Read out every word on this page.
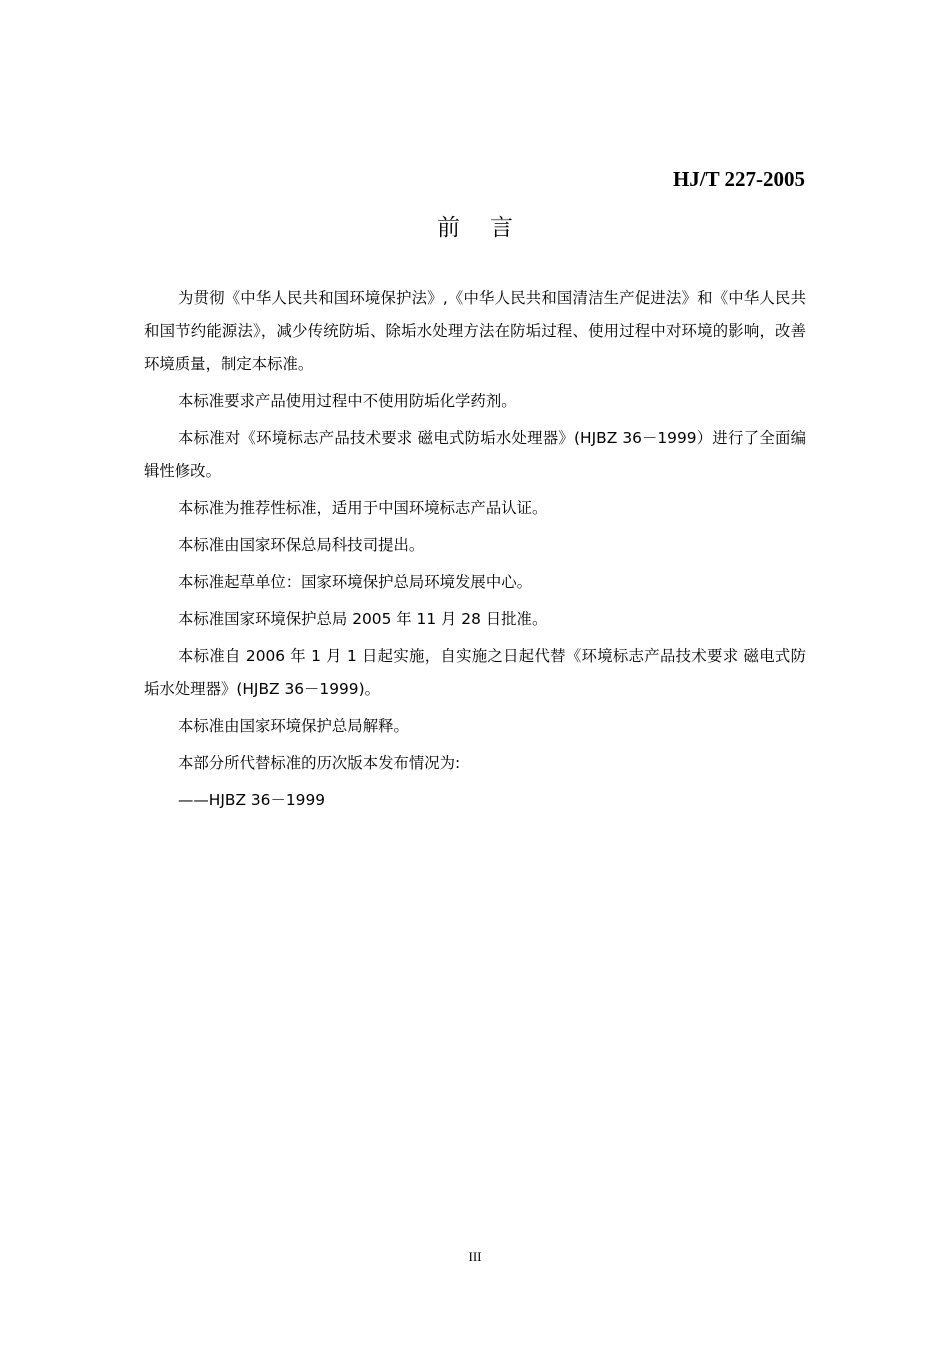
HJ/T 227-2005
前言

为贯彻《中华人民共和国环境保护法》,《中华人民共和国清洁生产促进法》和《中华人民共和国节约能源法》，减少传统防垢、除垢水处理方法在防垢过程、使用过程中对环境的影响，改善环境质量，制定本标准。

本标准要求产品使用过程中不使用防垢化学药剂。

本标准对《环境标志产品技术要求 磁电式防垢水处理器》(HJBZ 36－1999）进行了全面编辑性修改。

本标准为推荐性标准，适用于中国环境标志产品认证。

本标准由国家环保总局科技司提出。

本标准起草单位：国家环境保护总局环境发展中心。

本标准国家环境保护总局 2005 年 11 月 28 日批准。

本标准自 2006 年 1 月 1 日起实施，自实施之日起代替《环境标志产品技术要求 磁电式防垢水处理器》(HJBZ 36－1999)。

本标准由国家环境保护总局解释。

本部分所代替标准的历次版本发布情况为:

——HJBZ 36－1999

III
